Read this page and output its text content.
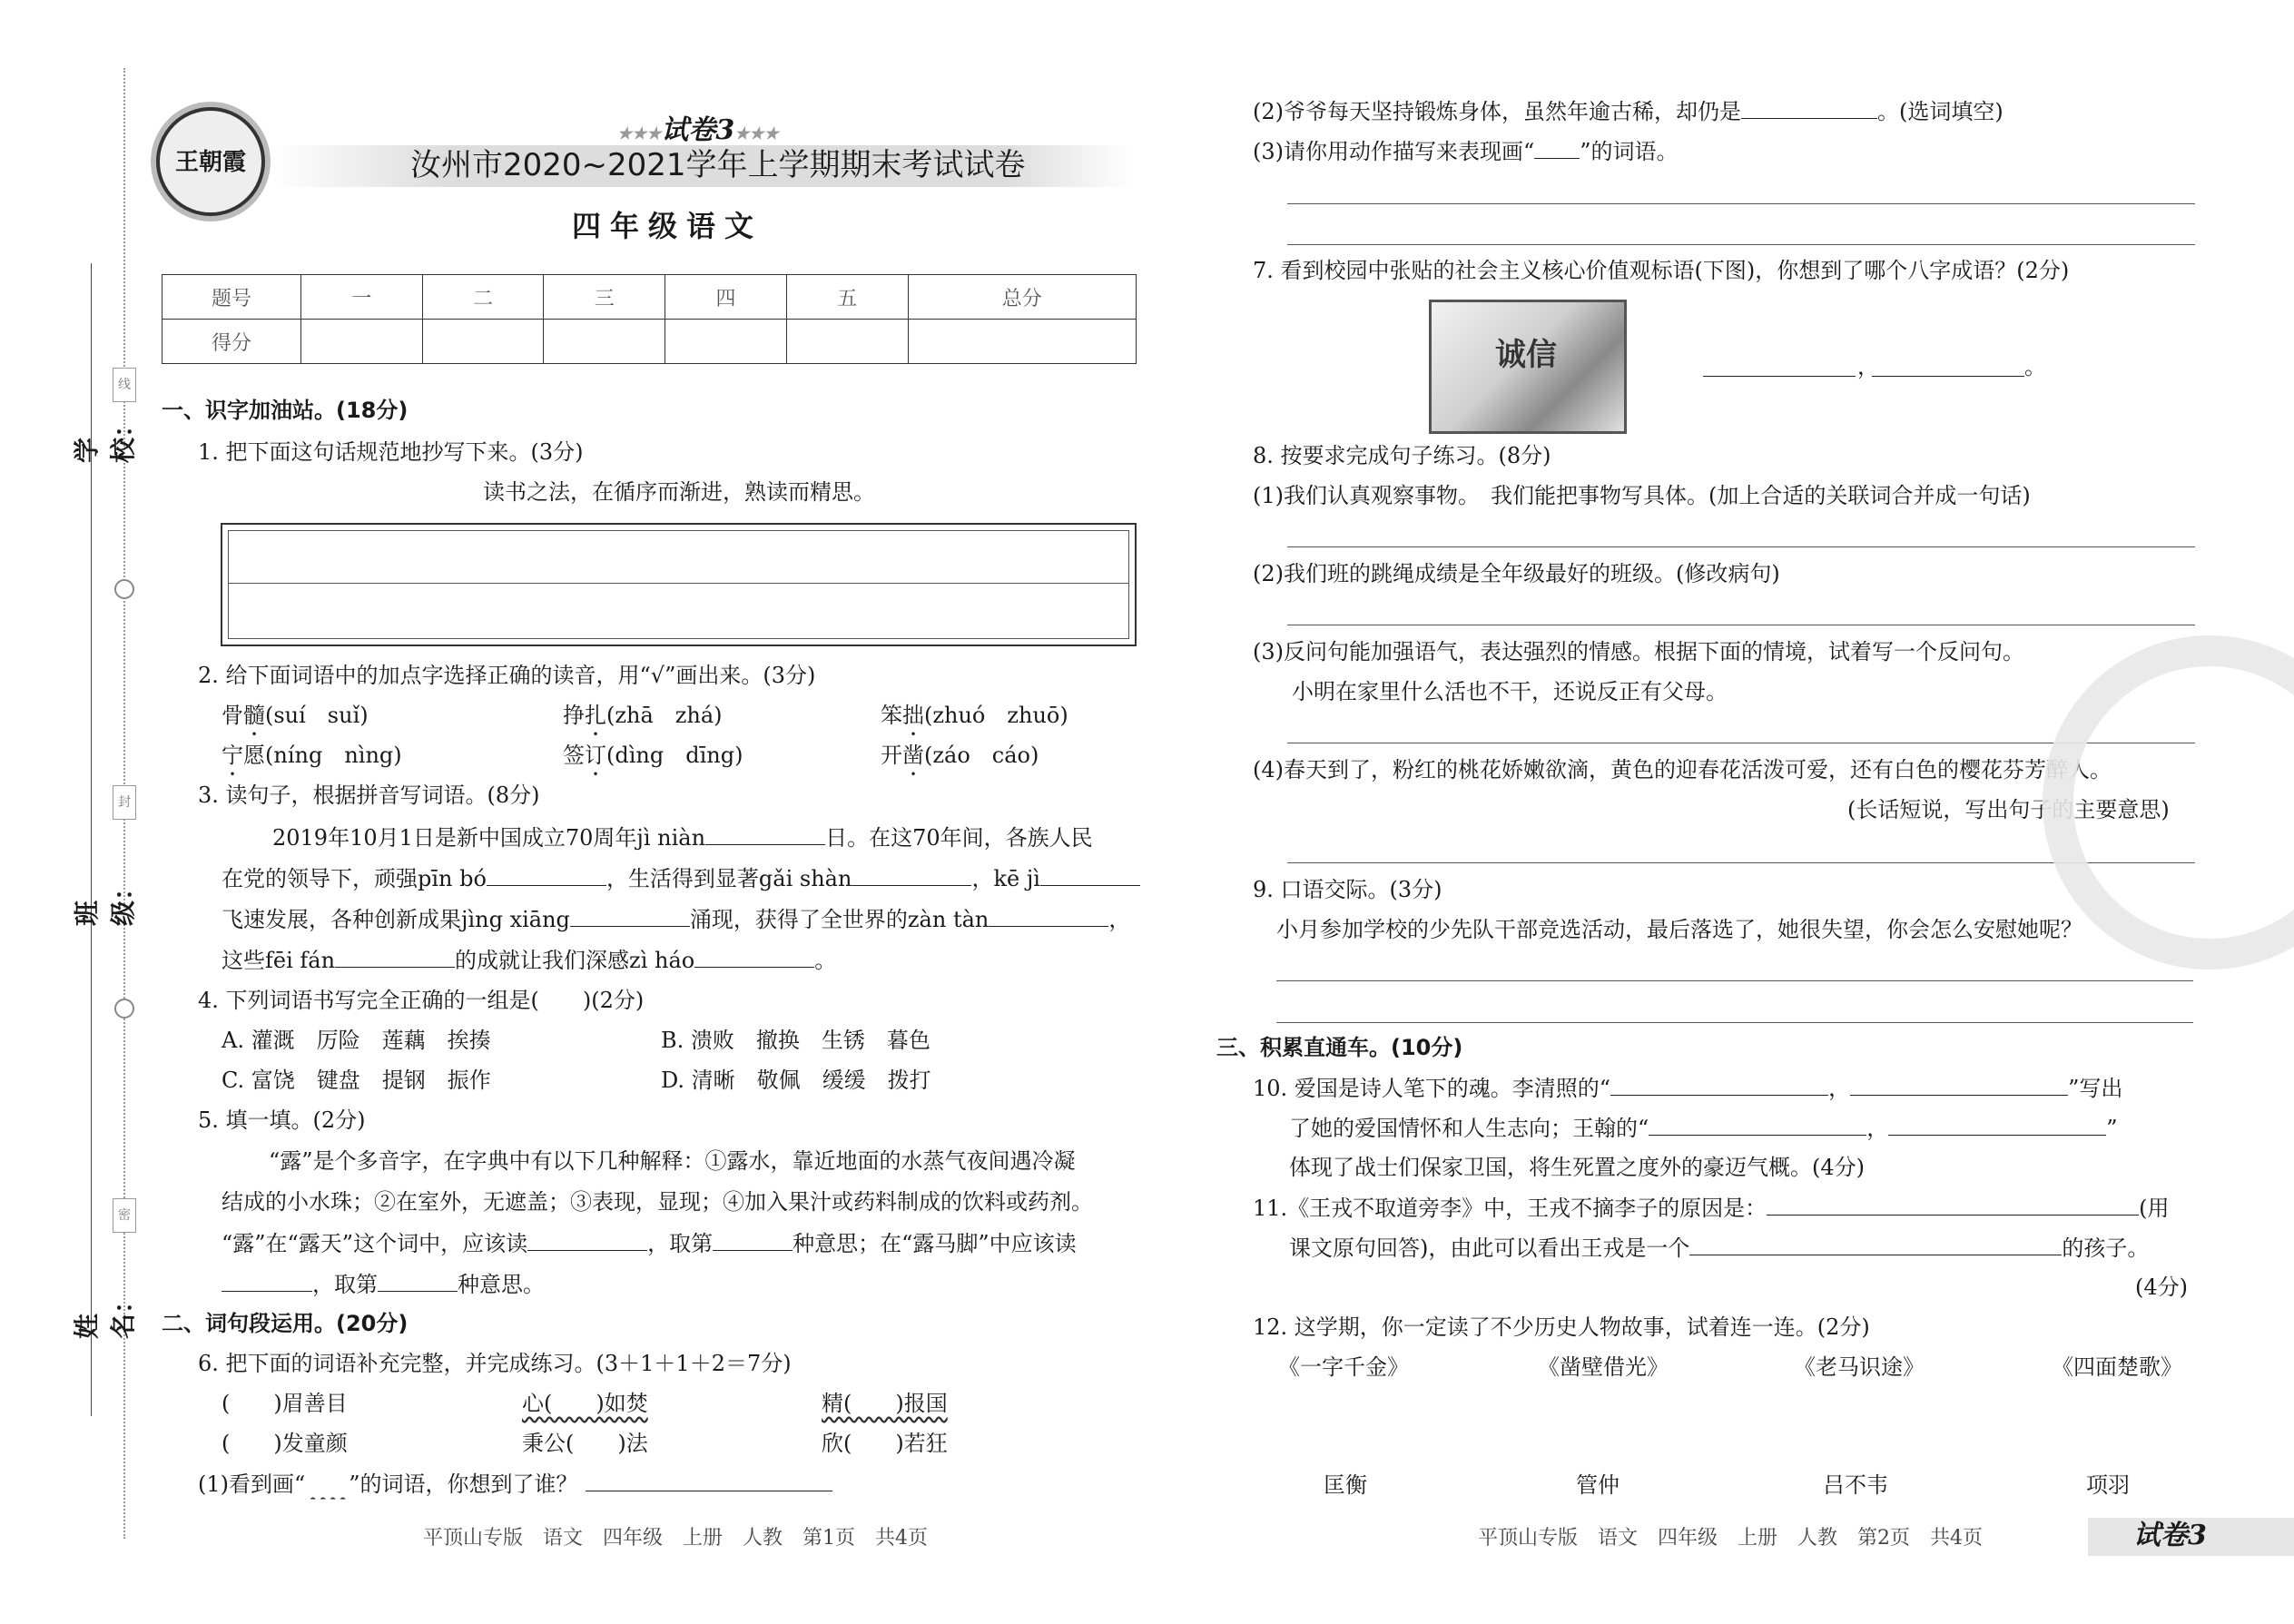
学校：
班级：
姓名：
线
封
密
王朝霞
★★★试卷3★★★
汝州市2020~2021学年上学期期末考试试卷
四年级语文
题号	一	二	三	四	五	总分
得分						
一、识字加油站。(18分)
1. 把下面这句话规范地抄写下来。(3分)
读书之法，在循序而渐进，熟读而精思。
2. 给下面词语中的加点字选择正确的读音，用“√”画出来。(3分)
骨髓(suí　suǐ)	挣扎(zhā　zhá)	笨拙(zhuó　zhuō)
宁愿(níng　nìng)	签订(dìng　dīng)	开凿(záo　cáo)
3. 读句子，根据拼音写词语。(8分)
2019年10月1日是新中国成立70周年jì niàn	日。在这70年间，各族人民
在党的领导下，顽强pīn bó	，生活得到显著gǎi shàn	，kē jì
飞速发展，各种创新成果jìng xiāng	涌现，获得了全世界的zàn tàn	，
这些fēi fán	的成就让我们深感zì háo	。
4. 下列词语书写完全正确的一组是(　　)(2分)
A. 灌溉　厉险　莲藕　挨揍	B. 溃败　撤换　生锈　暮色
C. 富饶　键盘　提钢　振作	D. 清晰　敬佩　缓缓　拨打
5. 填一填。(2分)
“露”是个多音字，在字典中有以下几种解释：①露水，靠近地面的水蒸气夜间遇冷凝
结成的小水珠；②在室外，无遮盖；③表现，显现；④加入果汁或药料制成的饮料或药剂。
“露”在“露天”这个词中，应该读	，取第	种意思；在“露马脚”中应该读
，取第	种意思。
二、词句段运用。(20分)
6. 把下面的词语补充完整，并完成练习。(3＋1＋1＋2＝7分)
(　　)眉善目	心(　　)如焚	精(　　)报国
(　　)发童颜	秉公(　　)法	欣(　　)若狂
(1)看到画“　　 ”的词语，你想到了谁？
平顶山专版　语文　四年级　上册　人教　第1页　共4页
(2)爷爷每天坚持锻炼身体，虽然年逾古稀，却仍是	。(选词填空)
(3)请你用动作描写来表现画“ ”的词语。
7. 看到校园中张贴的社会主义核心价值观标语(下图)，你想到了哪个八字成语？(2分)
诚信	，	。
8. 按要求完成句子练习。(8分)
(1)我们认真观察事物。　我们能把事物写具体。(加上合适的关联词合并成一句话)
(2)我们班的跳绳成绩是全年级最好的班级。(修改病句)
(3)反问句能加强语气，表达强烈的情感。根据下面的情境，试着写一个反问句。
小明在家里什么活也不干，还说反正有父母。
(4)春天到了，粉红的桃花娇嫩欲滴，黄色的迎春花活泼可爱，还有白色的樱花芬芳醉人。
(长话短说，写出句子的主要意思)
9. 口语交际。(3分)
小月参加学校的少先队干部竞选活动，最后落选了，她很失望，你会怎么安慰她呢？
三、积累直通车。(10分)
10. 爱国是诗人笔下的魂。李清照的“	，	”写出
了她的爱国情怀和人生志向；王翰的“	，	”
体现了战士们保家卫国，将生死置之度外的豪迈气概。(4分)
11.《王戎不取道旁李》中，王戎不摘李子的原因是：	(用
课文原句回答)，由此可以看出王戎是一个	的孩子。
(4分)
12. 这学期，你一定读了不少历史人物故事，试着连一连。(2分)
《一字千金》	《凿壁借光》	《老马识途》	《四面楚歌》
匡衡	管仲	吕不韦	项羽
平顶山专版　语文　四年级　上册　人教　第2页　共4页	试卷3
